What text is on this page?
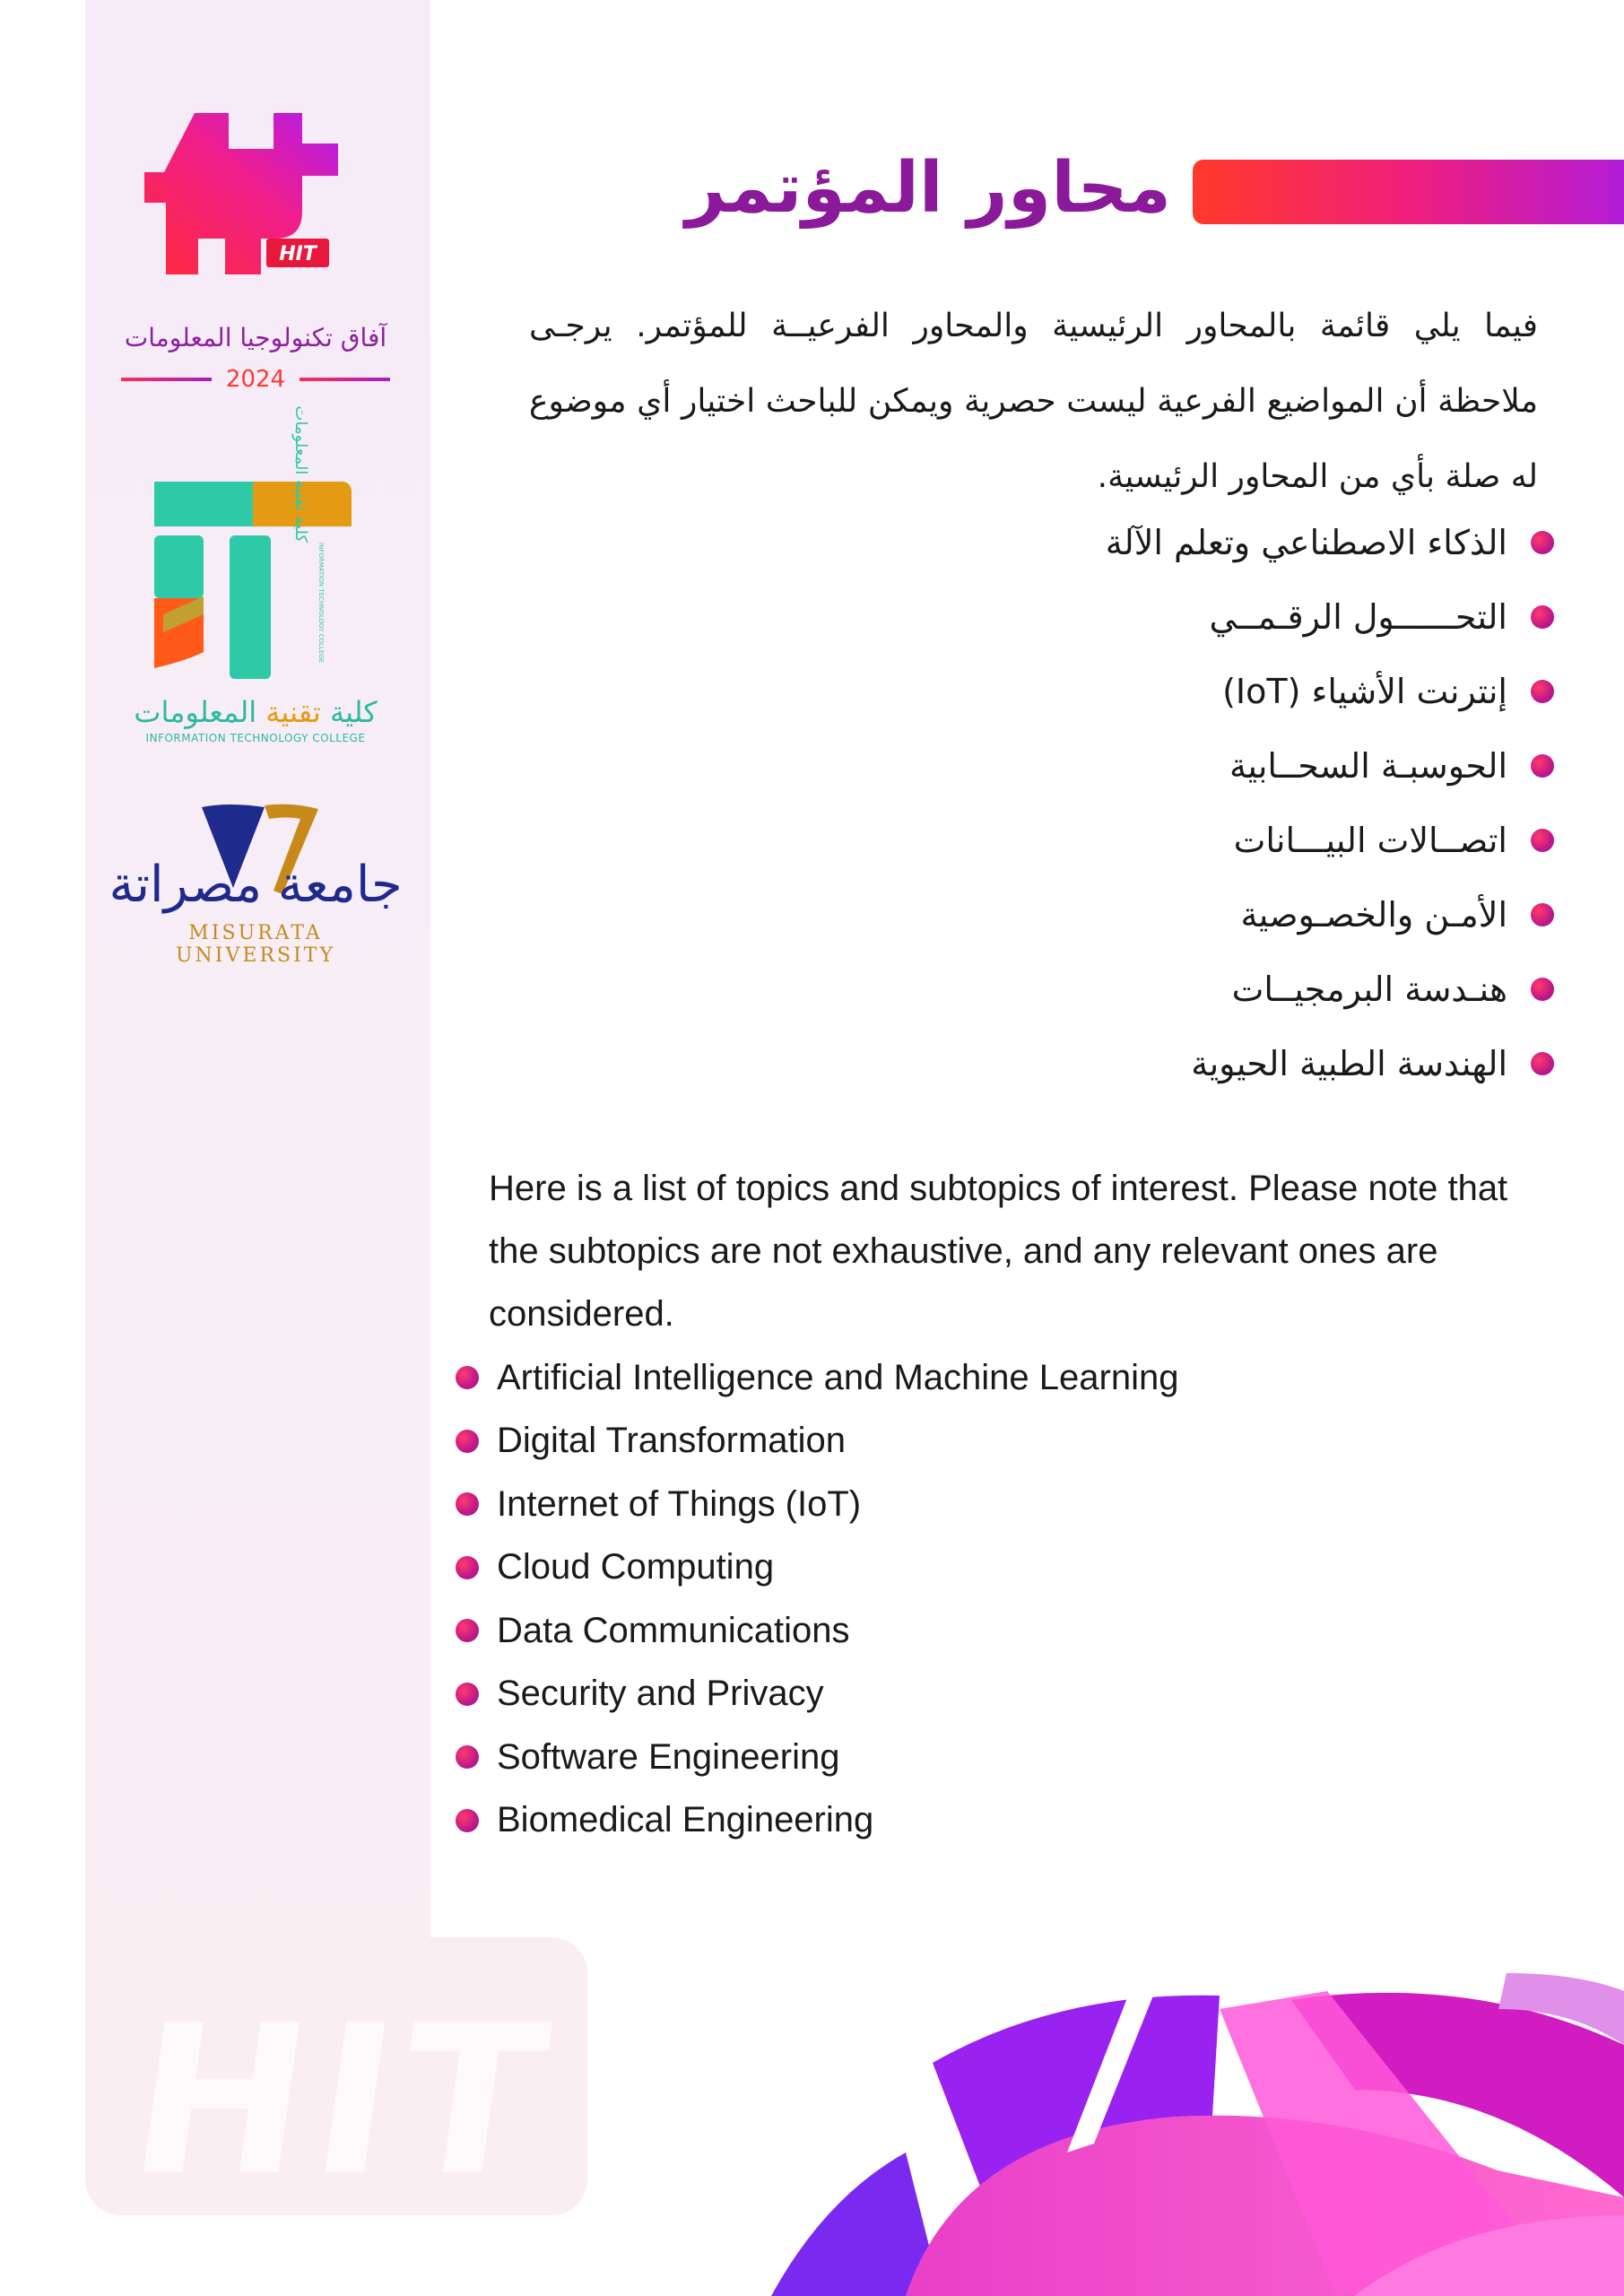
HIT
HIT
آفاق تكنولوجيا المعلومات
2024
كلية تقنية المعلومات
INFORMATION TECHNOLOGY COLLEGE
كلية تقنية المعلومات
INFORMATION TECHNOLOGY COLLEGE
جامعة مصراتة
MISURATA UNIVERSITY
محاور المؤتمر
فيما يلي قائمة بالمحاور الرئيسية والمحاور الفرعيــة للمؤتمر. يرجـى ملاحظة أن المواضيع الفرعية ليست حصرية ويمكن للباحث اختيار أي موضوع له صلة بأي من المحاور الرئيسية.
الذكاء الاصطناعي وتعلم الآلة
التحــــــول الرقـمــي
إنترنت الأشياء (IoT)
الحوسبـة السحــابية
اتصــالات البيـــانات
الأمـن والخصـوصية
هنـدسة البرمجيــات
الهندسة الطبية الحيوية
Here is a list of topics and subtopics of interest. Please note that the subtopics are not exhaustive, and any relevant ones are considered.
Artificial Intelligence and Machine Learning
Digital Transformation
Internet of Things (IoT)
Cloud Computing
Data Communications
Security and Privacy
Software Engineering
Biomedical Engineering
